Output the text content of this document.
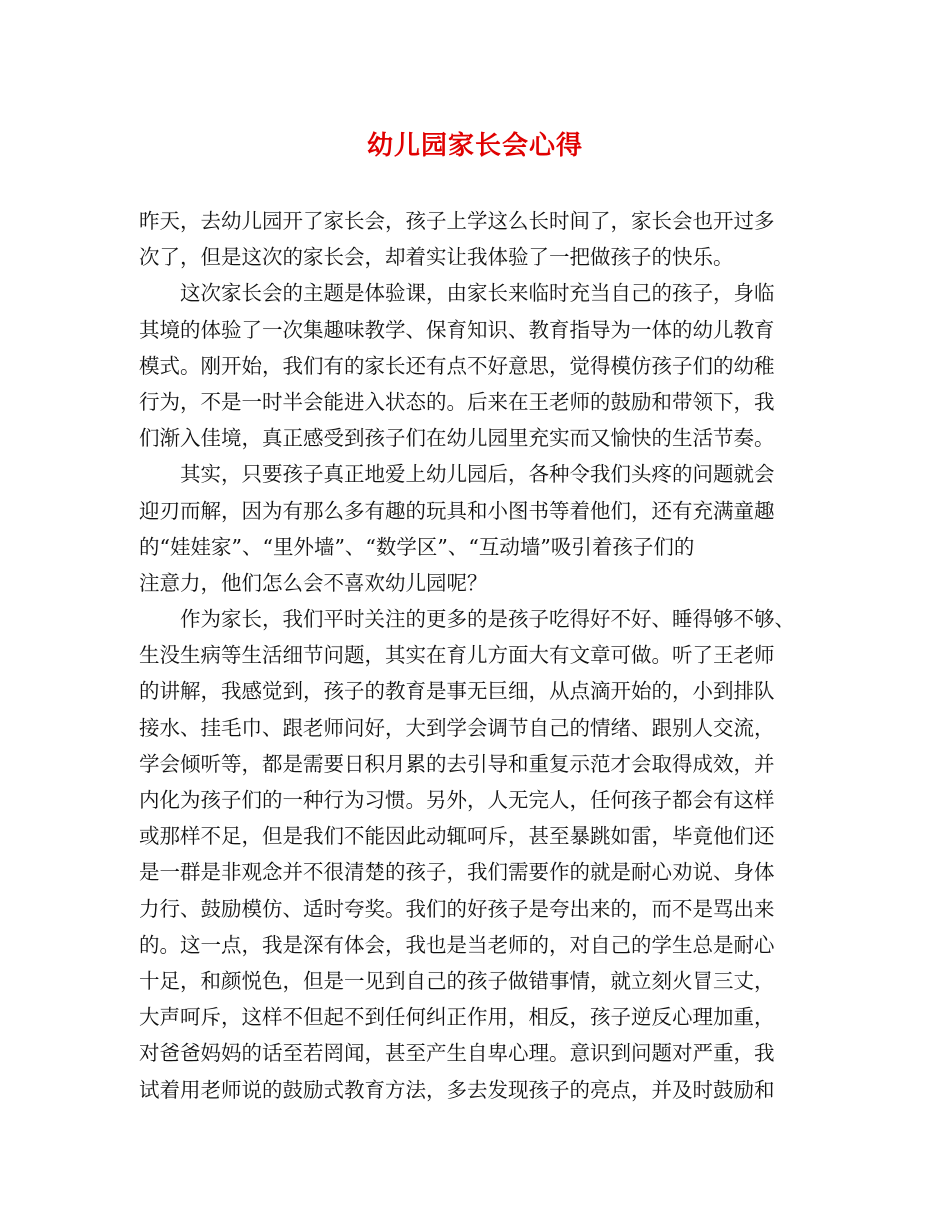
幼儿园家长会心得
昨天，去幼儿园开了家长会，孩子上学这么长时间了，家长会也开过多
次了，但是这次的家长会，却着实让我体验了一把做孩子的快乐。
　　这次家长会的主题是体验课，由家长来临时充当自己的孩子，身临
其境的体验了一次集趣味教学、保育知识、教育指导为一体的幼儿教育
模式。刚开始，我们有的家长还有点不好意思，觉得模仿孩子们的幼稚
行为，不是一时半会能进入状态的。后来在王老师的鼓励和带领下，我
们渐入佳境，真正感受到孩子们在幼儿园里充实而又愉快的生活节奏。
　　其实，只要孩子真正地爱上幼儿园后，各种令我们头疼的问题就会
迎刃而解，因为有那么多有趣的玩具和小图书等着他们，还有充满童趣
的“娃娃家”、“里外墙”、“数学区”、“互动墙”吸引着孩子们的
注意力，他们怎么会不喜欢幼儿园呢？
　　作为家长，我们平时关注的更多的是孩子吃得好不好、睡得够不够、
生没生病等生活细节问题，其实在育儿方面大有文章可做。听了王老师
的讲解，我感觉到，孩子的教育是事无巨细，从点滴开始的，小到排队
接水、挂毛巾、跟老师问好，大到学会调节自己的情绪、跟别人交流，
学会倾听等，都是需要日积月累的去引导和重复示范才会取得成效，并
内化为孩子们的一种行为习惯。另外，人无完人，任何孩子都会有这样
或那样不足，但是我们不能因此动辄呵斥，甚至暴跳如雷，毕竟他们还
是一群是非观念并不很清楚的孩子，我们需要作的就是耐心劝说、身体
力行、鼓励模仿、适时夸奖。我们的好孩子是夸出来的，而不是骂出来
的。这一点，我是深有体会，我也是当老师的，对自己的学生总是耐心
十足，和颜悦色，但是一见到自己的孩子做错事情，就立刻火冒三丈，
大声呵斥，这样不但起不到任何纠正作用，相反，孩子逆反心理加重，
对爸爸妈妈的话至若罔闻，甚至产生自卑心理。意识到问题对严重，我
试着用老师说的鼓励式教育方法，多去发现孩子的亮点，并及时鼓励和
